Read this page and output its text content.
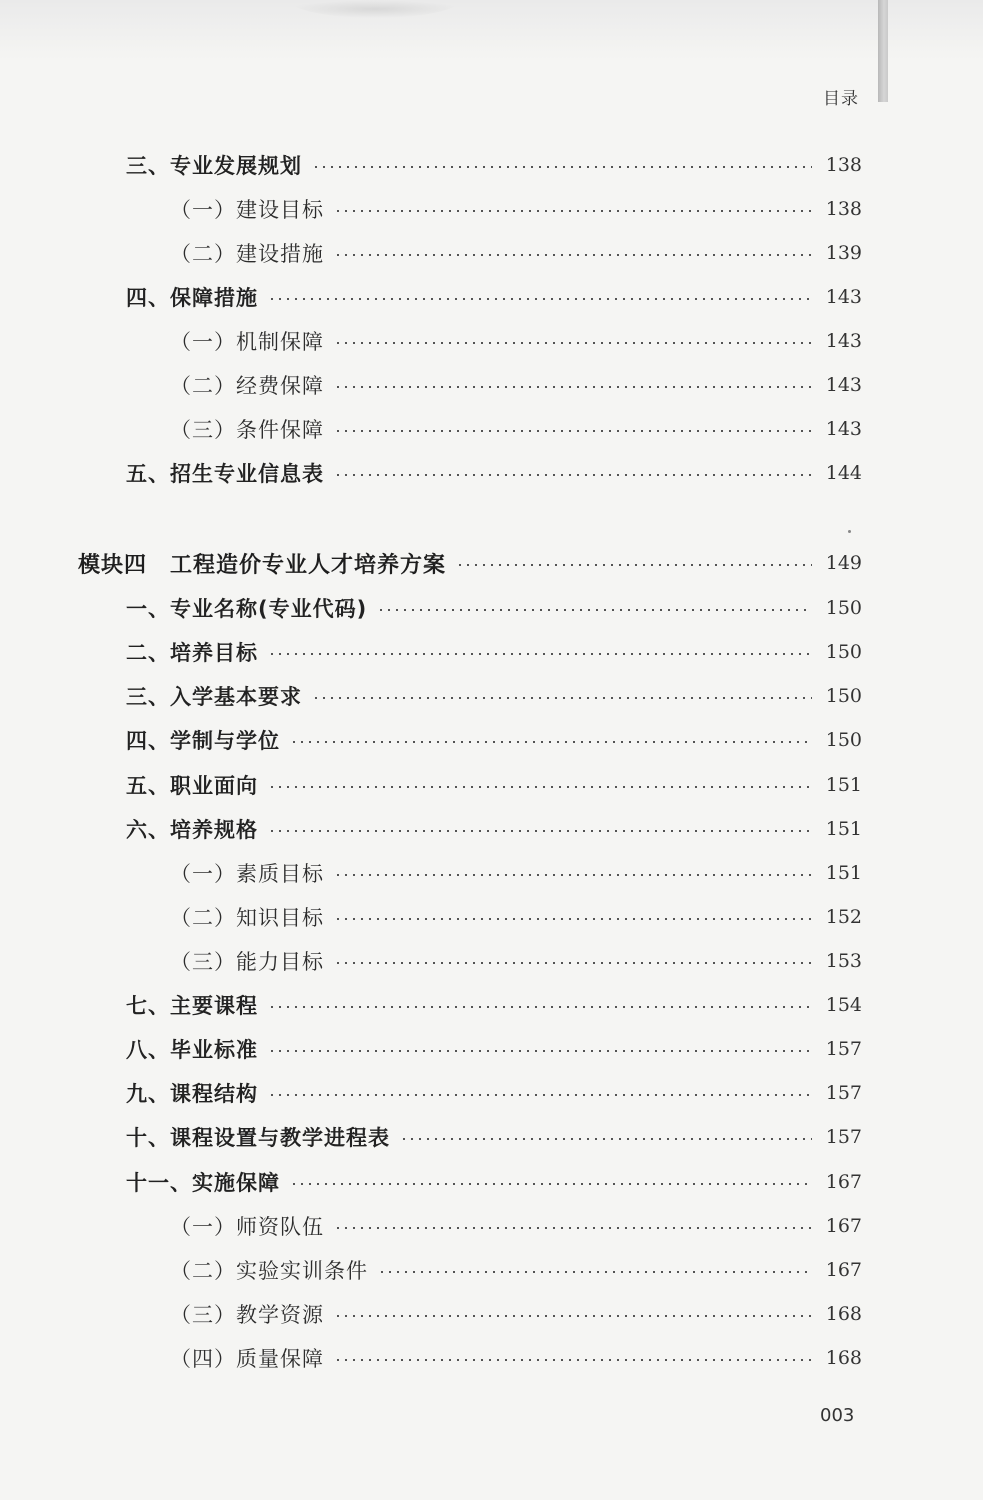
目录
三、专业发展规划	138
（一）建设目标	138
（二）建设措施	139
四、保障措施	143
（一）机制保障	143
（二）经费保障	143
（三）条件保障	143
五、招生专业信息表	144
模块四　工程造价专业人才培养方案	149
一、专业名称(专业代码)	150
二、培养目标	150
三、入学基本要求	150
四、学制与学位	150
五、职业面向	151
六、培养规格	151
（一）素质目标	151
（二）知识目标	152
（三）能力目标	153
七、主要课程	154
八、毕业标准	157
九、课程结构	157
十、课程设置与教学进程表	157
十一、实施保障	167
（一）师资队伍	167
（二）实验实训条件	167
（三）教学资源	168
（四）质量保障	168
003
